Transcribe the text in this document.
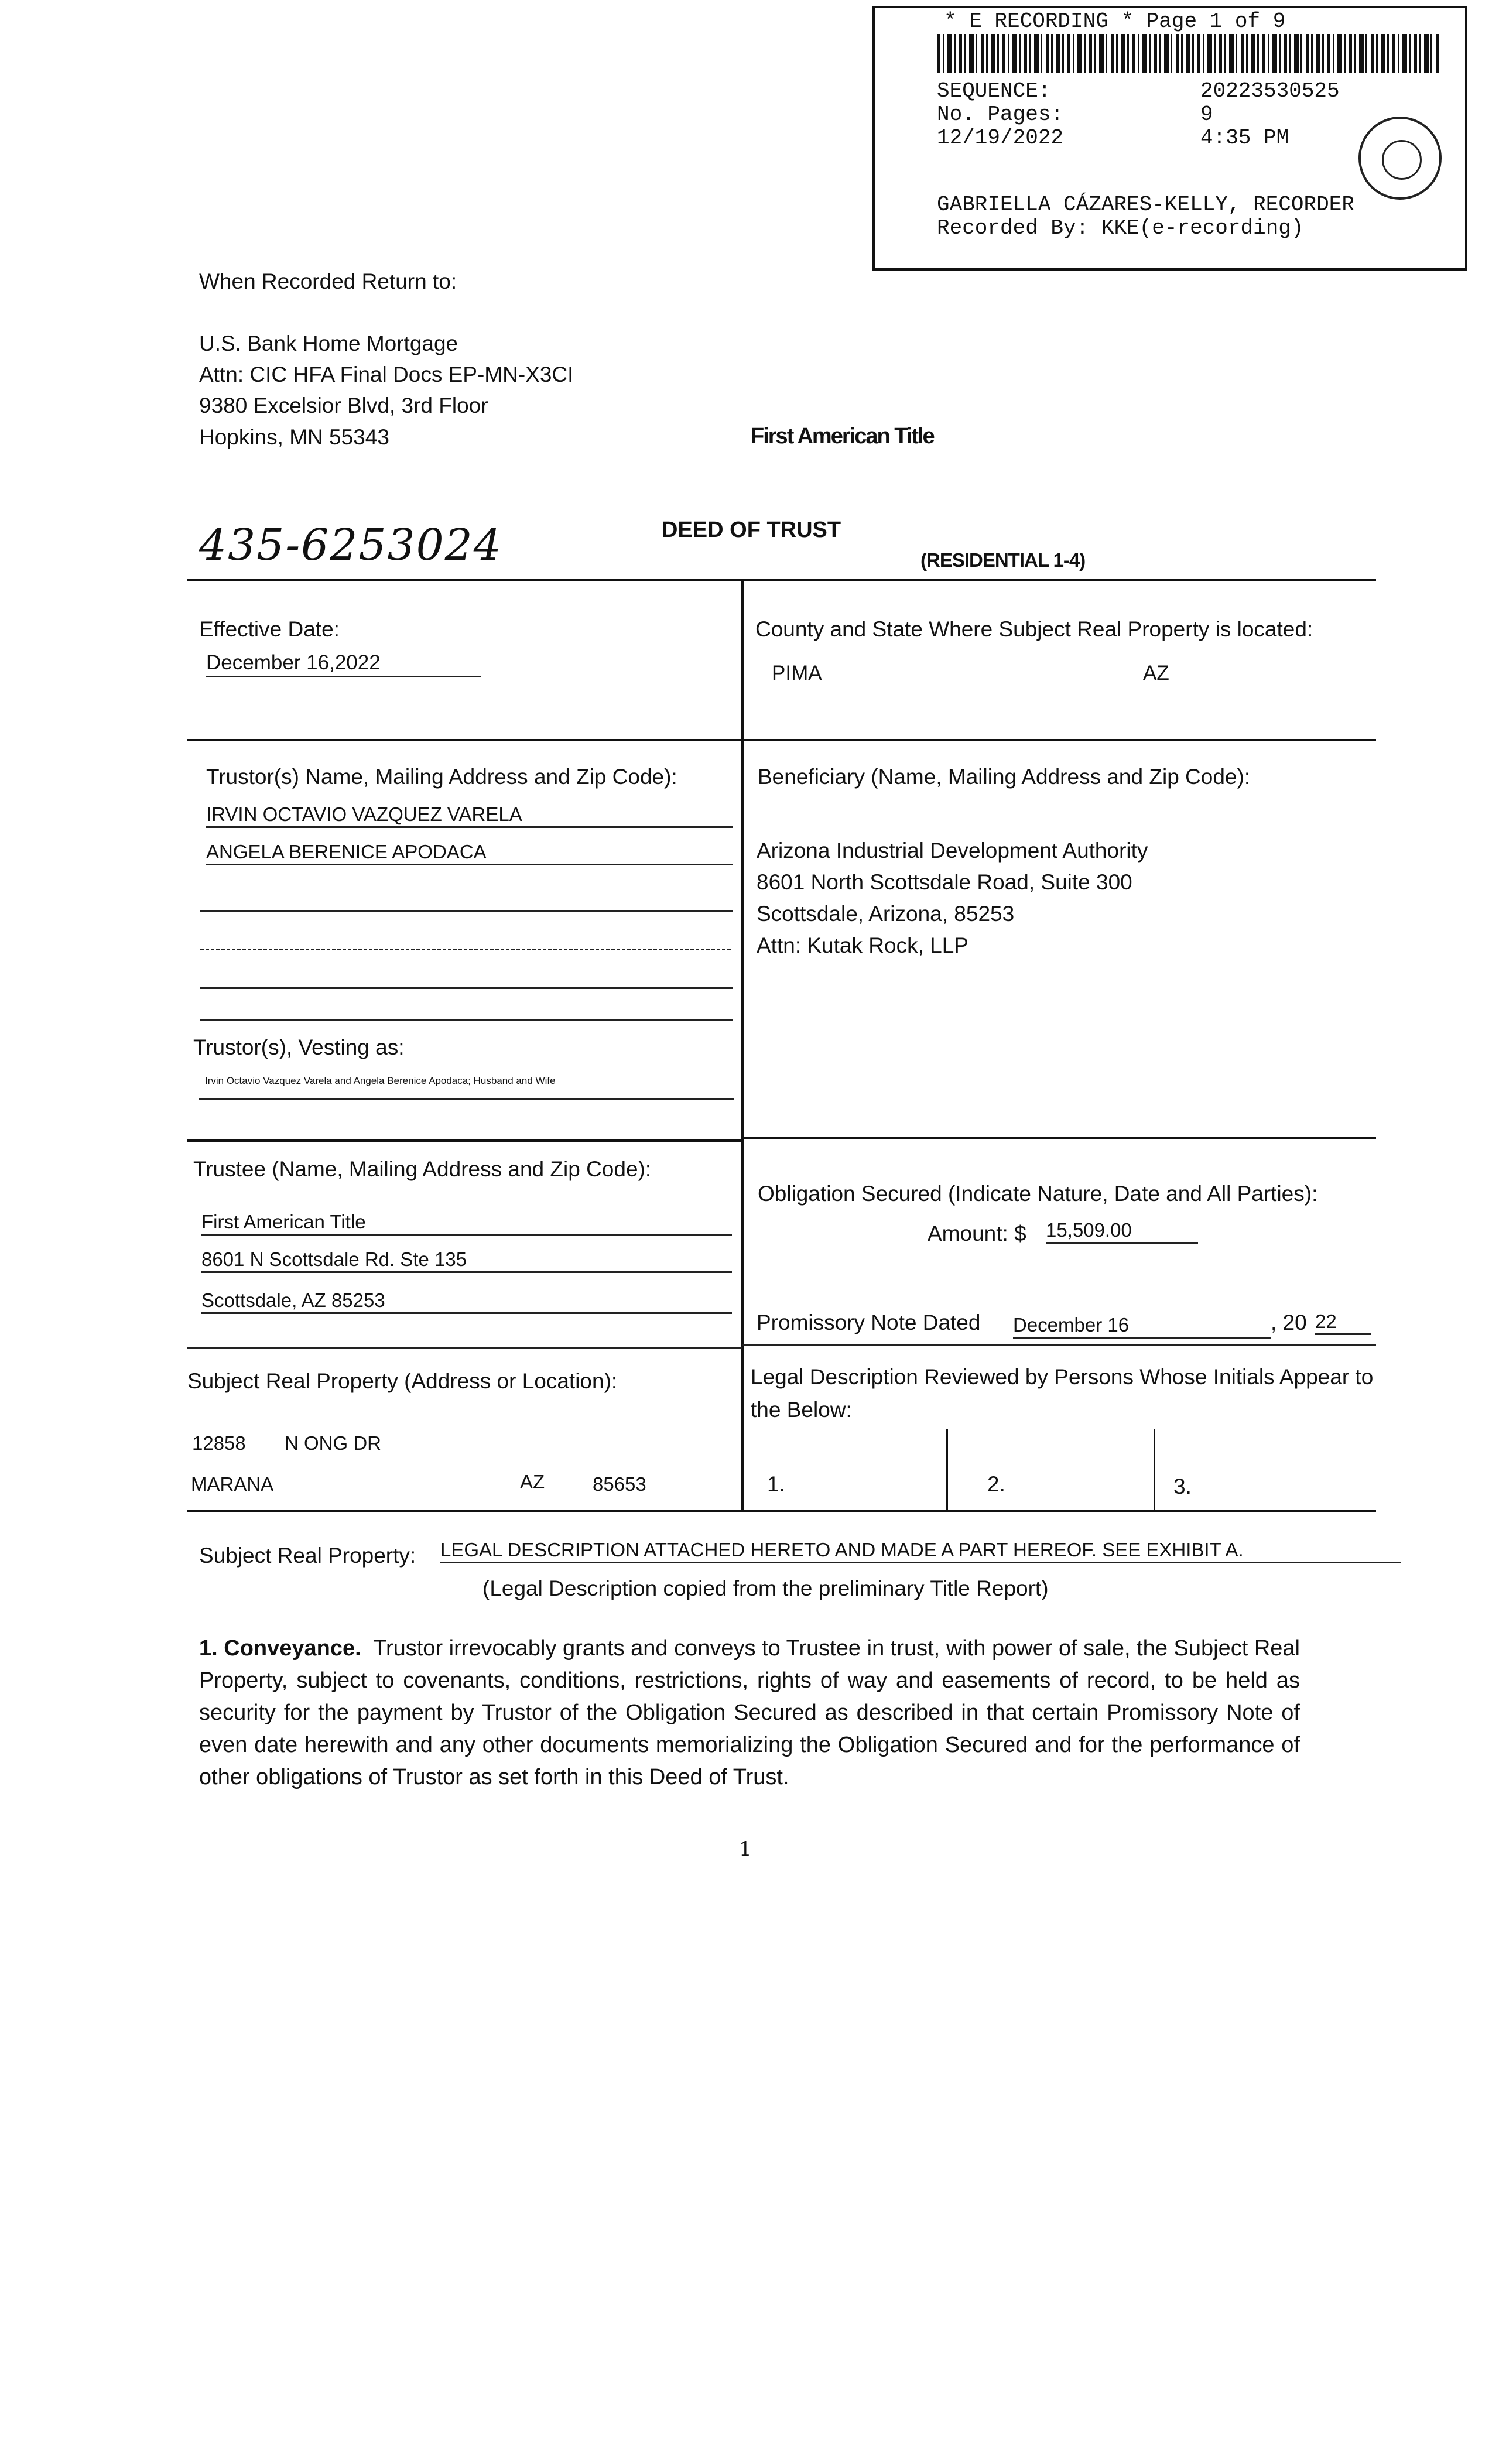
* E RECORDING * Page 1 of 9
SEQUENCE:	20223530525
No. Pages:	9
12/19/2022	4:35 PM
GABRIELLA CÁZARES-KELLY, RECORDER
Recorded By: KKE(e-recording)
When Recorded Return to:
U.S. Bank Home Mortgage
Attn: CIC HFA Final Docs EP-MN-X3CI
9380 Excelsior Blvd, 3rd Floor
Hopkins, MN 55343	First American Title
435-6253024	DEED OF TRUST
(RESIDENTIAL 1-4)
Effective Date:
December 16,2022
County and State Where Subject Real Property is located:
PIMA	AZ
Trustor(s) Name, Mailing Address and Zip Code):
IRVIN OCTAVIO VAZQUEZ VARELA
ANGELA BERENICE APODACA
Trustor(s), Vesting as:
Irvin Octavio Vazquez Varela and Angela Berenice Apodaca; Husband and Wife
Beneficiary (Name, Mailing Address and Zip Code):
Arizona Industrial Development Authority
8601 North Scottsdale Road, Suite 300
Scottsdale, Arizona, 85253
Attn: Kutak Rock, LLP
Trustee (Name, Mailing Address and Zip Code):
First American Title
8601 N Scottsdale Rd. Ste 135
Scottsdale, AZ 85253
Obligation Secured (Indicate Nature, Date and All Parties):
Amount: $ 15,509.00
Promissory Note Dated December 16	, 20 22
Subject Real Property (Address or Location):
12858 N ONG DR
MARANA	AZ 85653
Legal Description Reviewed by Persons Whose Initials Appear to the Below:
1.	2.	3.
Subject Real Property: LEGAL DESCRIPTION ATTACHED HERETO AND MADE A PART HEREOF. SEE EXHIBIT A.
(Legal Description copied from the preliminary Title Report)

1. Conveyance. Trustor irrevocably grants and conveys to Trustee in trust, with power of sale, the Subject Real Property, subject to covenants, conditions, restrictions, rights of way and easements of record, to be held as security for the payment by Trustor of the Obligation Secured as described in that certain Promissory Note of even date herewith and any other documents memorializing the Obligation Secured and for the performance of other obligations of Trustor as set forth in this Deed of Trust.

1
